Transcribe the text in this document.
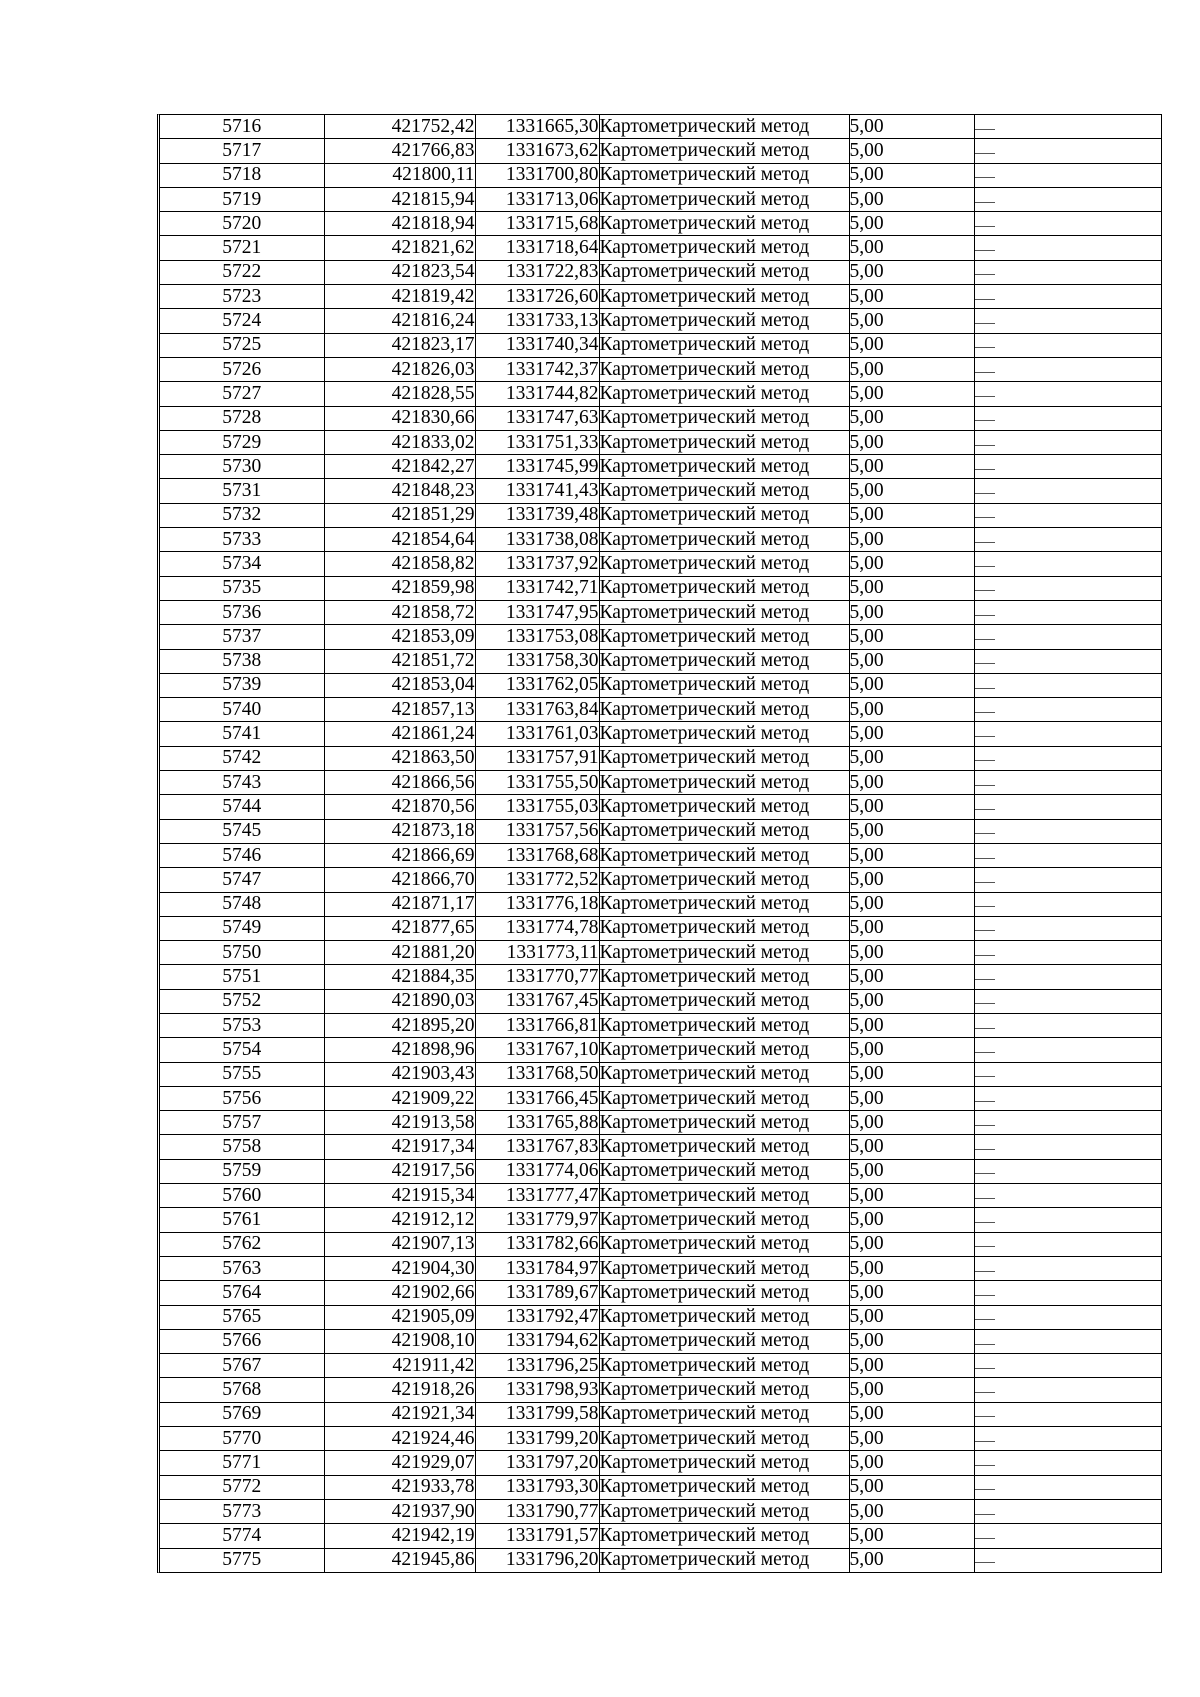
5716	421752,42	1331665,30	Картометрический метод	5,00	
5717	421766,83	1331673,62	Картометрический метод	5,00	
5718	421800,11	1331700,80	Картометрический метод	5,00	
5719	421815,94	1331713,06	Картометрический метод	5,00	
5720	421818,94	1331715,68	Картометрический метод	5,00	
5721	421821,62	1331718,64	Картометрический метод	5,00	
5722	421823,54	1331722,83	Картометрический метод	5,00	
5723	421819,42	1331726,60	Картометрический метод	5,00	
5724	421816,24	1331733,13	Картометрический метод	5,00	
5725	421823,17	1331740,34	Картометрический метод	5,00	
5726	421826,03	1331742,37	Картометрический метод	5,00	
5727	421828,55	1331744,82	Картометрический метод	5,00	
5728	421830,66	1331747,63	Картометрический метод	5,00	
5729	421833,02	1331751,33	Картометрический метод	5,00	
5730	421842,27	1331745,99	Картометрический метод	5,00	
5731	421848,23	1331741,43	Картометрический метод	5,00	
5732	421851,29	1331739,48	Картометрический метод	5,00	
5733	421854,64	1331738,08	Картометрический метод	5,00	
5734	421858,82	1331737,92	Картометрический метод	5,00	
5735	421859,98	1331742,71	Картометрический метод	5,00	
5736	421858,72	1331747,95	Картометрический метод	5,00	
5737	421853,09	1331753,08	Картометрический метод	5,00	
5738	421851,72	1331758,30	Картометрический метод	5,00	
5739	421853,04	1331762,05	Картометрический метод	5,00	
5740	421857,13	1331763,84	Картометрический метод	5,00	
5741	421861,24	1331761,03	Картометрический метод	5,00	
5742	421863,50	1331757,91	Картометрический метод	5,00	
5743	421866,56	1331755,50	Картометрический метод	5,00	
5744	421870,56	1331755,03	Картометрический метод	5,00	
5745	421873,18	1331757,56	Картометрический метод	5,00	
5746	421866,69	1331768,68	Картометрический метод	5,00	
5747	421866,70	1331772,52	Картометрический метод	5,00	
5748	421871,17	1331776,18	Картометрический метод	5,00	
5749	421877,65	1331774,78	Картометрический метод	5,00	
5750	421881,20	1331773,11	Картометрический метод	5,00	
5751	421884,35	1331770,77	Картометрический метод	5,00	
5752	421890,03	1331767,45	Картометрический метод	5,00	
5753	421895,20	1331766,81	Картометрический метод	5,00	
5754	421898,96	1331767,10	Картометрический метод	5,00	
5755	421903,43	1331768,50	Картометрический метод	5,00	
5756	421909,22	1331766,45	Картометрический метод	5,00	
5757	421913,58	1331765,88	Картометрический метод	5,00	
5758	421917,34	1331767,83	Картометрический метод	5,00	
5759	421917,56	1331774,06	Картометрический метод	5,00	
5760	421915,34	1331777,47	Картометрический метод	5,00	
5761	421912,12	1331779,97	Картометрический метод	5,00	
5762	421907,13	1331782,66	Картометрический метод	5,00	
5763	421904,30	1331784,97	Картометрический метод	5,00	
5764	421902,66	1331789,67	Картометрический метод	5,00	
5765	421905,09	1331792,47	Картометрический метод	5,00	
5766	421908,10	1331794,62	Картометрический метод	5,00	
5767	421911,42	1331796,25	Картометрический метод	5,00	
5768	421918,26	1331798,93	Картометрический метод	5,00	
5769	421921,34	1331799,58	Картометрический метод	5,00	
5770	421924,46	1331799,20	Картометрический метод	5,00	
5771	421929,07	1331797,20	Картометрический метод	5,00	
5772	421933,78	1331793,30	Картометрический метод	5,00	
5773	421937,90	1331790,77	Картометрический метод	5,00	
5774	421942,19	1331791,57	Картометрический метод	5,00	
5775	421945,86	1331796,20	Картометрический метод	5,00	
